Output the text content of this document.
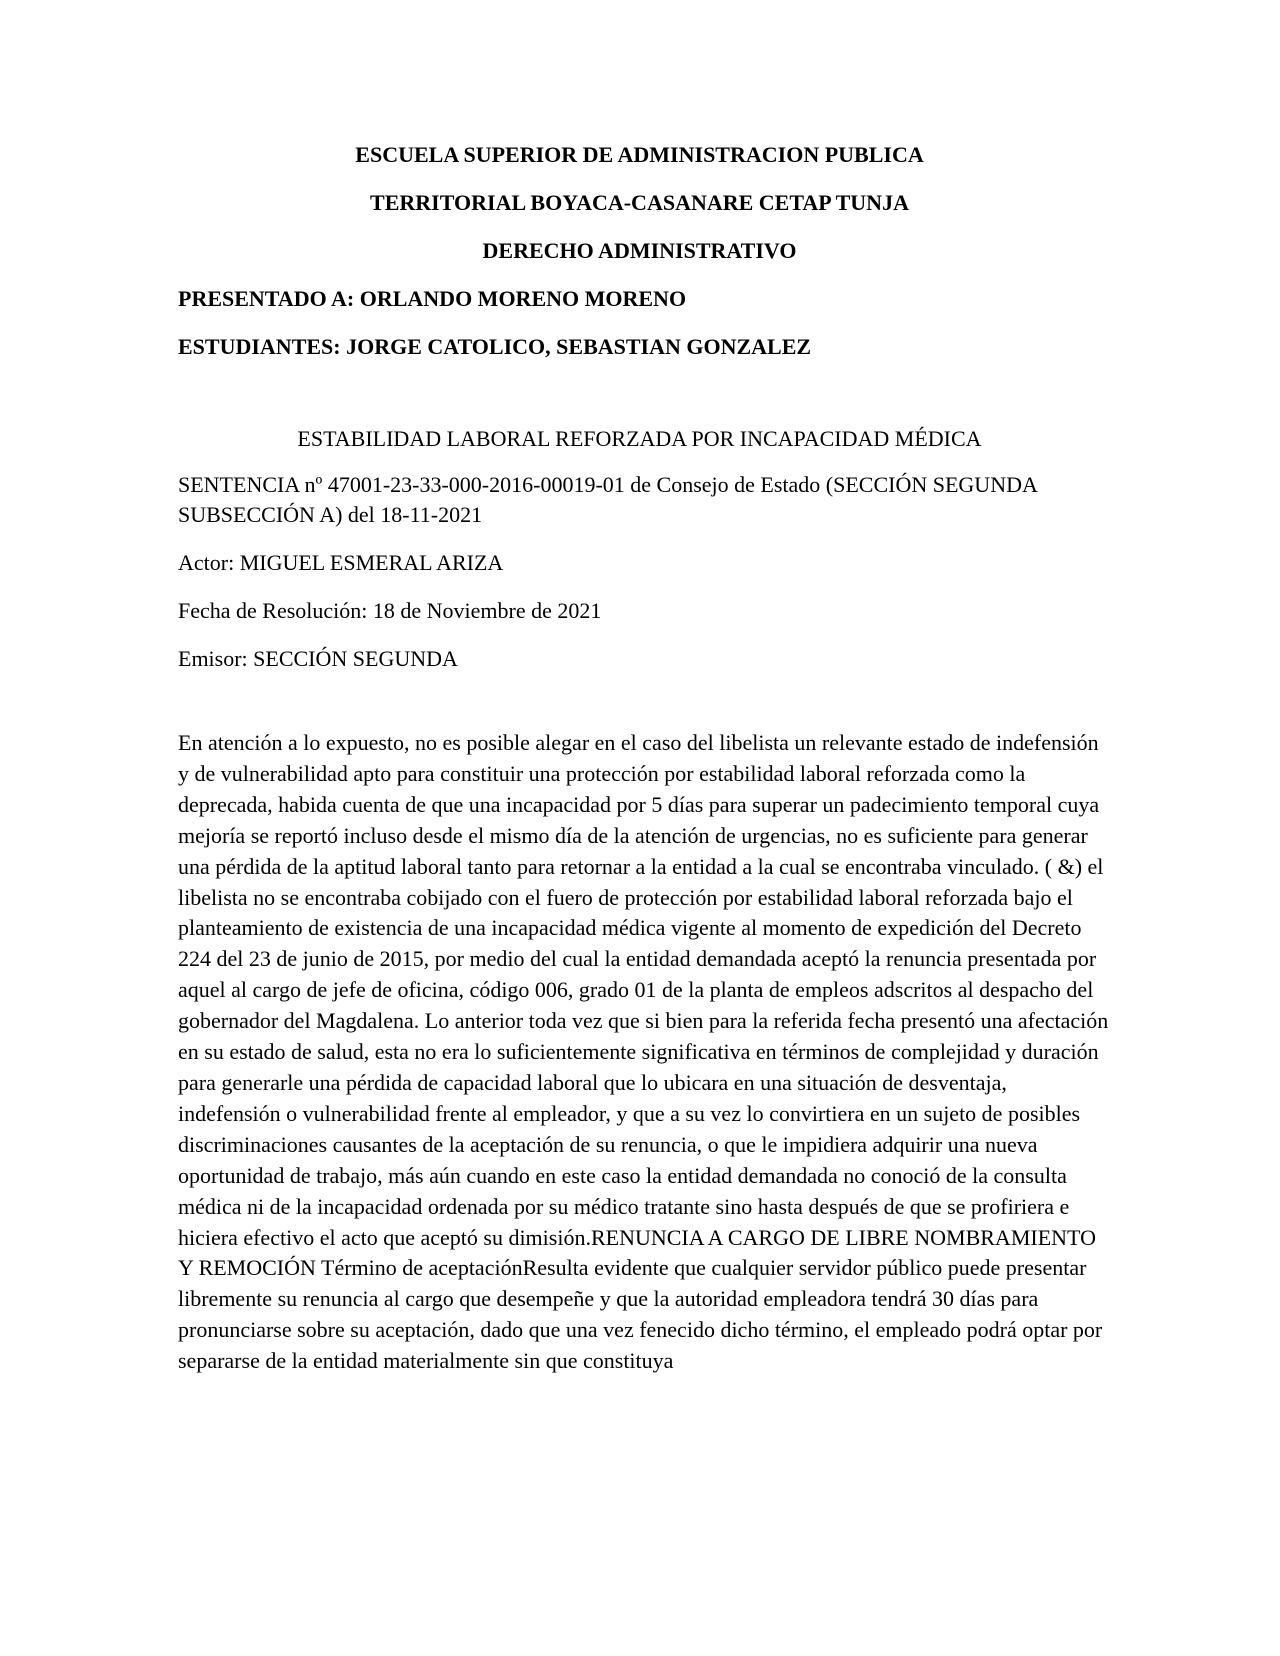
ESCUELA SUPERIOR DE ADMINISTRACION PUBLICA
TERRITORIAL BOYACA-CASANARE CETAP TUNJA
DERECHO ADMINISTRATIVO
PRESENTADO A: ORLANDO MORENO MORENO
ESTUDIANTES: JORGE CATOLICO, SEBASTIAN GONZALEZ
ESTABILIDAD LABORAL REFORZADA POR INCAPACIDAD MÉDICA
SENTENCIA nº 47001-23-33-000-2016-00019-01 de Consejo de Estado (SECCIÓN SEGUNDA SUBSECCIÓN A) del 18-11-2021
Actor: MIGUEL ESMERAL ARIZA
Fecha de Resolución: 18 de Noviembre de 2021
Emisor: SECCIÓN SEGUNDA
En atención a lo expuesto, no es posible alegar en el caso del libelista un relevante estado de indefensión y de vulnerabilidad apto para constituir una protección por estabilidad laboral reforzada como la deprecada, habida cuenta de que una incapacidad por 5 días para superar un padecimiento temporal cuya mejoría se reportó incluso desde el mismo día de la atención de urgencias, no es suficiente para generar una pérdida de la aptitud laboral tanto para retornar a la entidad a la cual se encontraba vinculado. ( &) el libelista no se encontraba cobijado con el fuero de protección por estabilidad laboral reforzada bajo el planteamiento de existencia de una incapacidad médica vigente al momento de expedición del Decreto 224 del 23 de junio de 2015, por medio del cual la entidad demandada aceptó la renuncia presentada por aquel al cargo de jefe de oficina, código 006, grado 01 de la planta de empleos adscritos al despacho del gobernador del Magdalena. Lo anterior toda vez que si bien para la referida fecha presentó una afectación en su estado de salud, esta no era lo suficientemente significativa en términos de complejidad y duración para generarle una pérdida de capacidad laboral que lo ubicara en una situación de desventaja, indefensión o vulnerabilidad frente al empleador, y que a su vez lo convirtiera en un sujeto de posibles discriminaciones causantes de la aceptación de su renuncia, o que le impidiera adquirir una nueva oportunidad de trabajo, más aún cuando en este caso la entidad demandada no conoció de la consulta médica ni de la incapacidad ordenada por su médico tratante sino hasta después de que se profiriera e hiciera efectivo el acto que aceptó su dimisión.RENUNCIA A CARGO DE LIBRE NOMBRAMIENTO Y REMOCIÓN Término de aceptaciónResulta evidente que cualquier servidor público puede presentar libremente su renuncia al cargo que desempeñe y que la autoridad empleadora tendrá 30 días para pronunciarse sobre su aceptación, dado que una vez fenecido dicho término, el empleado podrá optar por separarse de la entidad materialmente sin que constituya
